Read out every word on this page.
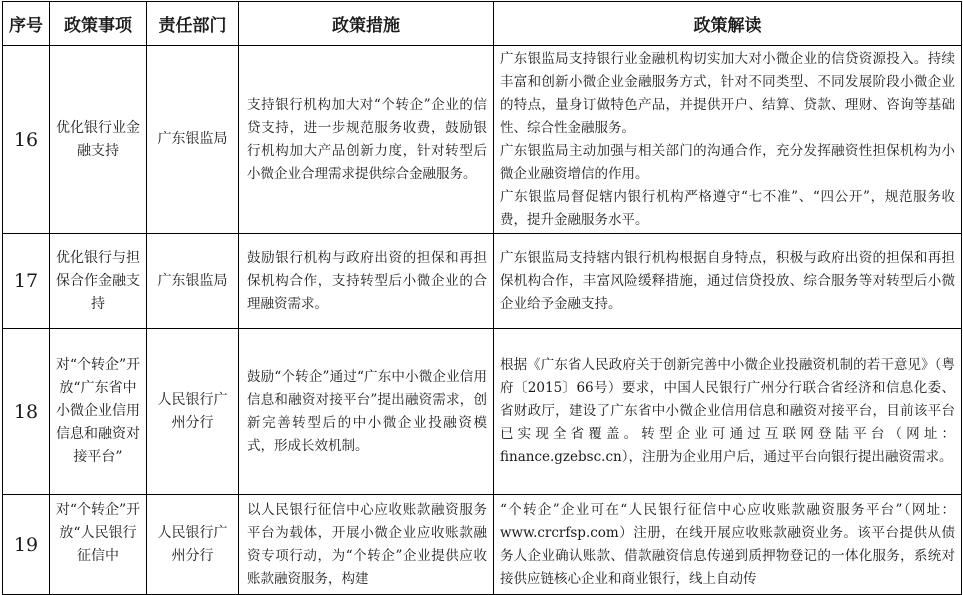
序号	政策事项	责任部门	政策措施	政策解读
16	优化银行业金融支持	广东银监局	支持银行机构加大对“个转企”企业的信贷支持，进一步规范服务收费，鼓励银行机构加大产品创新力度，针对转型后小微企业合理需求提供综合金融服务。	广东银监局支持银行业金融机构切实加大对小微企业的信贷资源投入。持续丰富和创新小微企业金融服务方式，针对不同类型、不同发展阶段小微企业的特点，量身订做特色产品，并提供开户、结算、贷款、理财、咨询等基础性、综合性金融服务。

广东银监局主动加强与相关部门的沟通合作，充分发挥融资性担保机构为小微企业融资增信的作用。

广东银监局督促辖内银行机构严格遵守“七不准”、“四公开”，规范服务收费，提升金融服务水平。

17	优化银行与担保合作金融支持	广东银监局	鼓励银行机构与政府出资的担保和再担保机构合作，支持转型后小微企业的合理融资需求。	广东银监局支持辖内银行机构根据自身特点，积极与政府出资的担保和再担保机构合作，丰富风险缓释措施，通过信贷投放、综合服务等对转型后小微企业给予金融支持。

18	对“个转企”开放“广东省中小微企业信用信息和融资对接平台”	人民银行广州分行	鼓励“个转企”通过“广东中小微企业信用信息和融资对接平台”提出融资需求，创新完善转型后的中小微企业投融资模式，形成长效机制。	根据《广东省人民政府关于创新完善中小微企业投融资机制的若干意见》（粤府〔2015〕66号）要求，中国人民银行广州分行联合省经济和信息化委、省财政厅，建设了广东省中小微企业信用信息和融资对接平台，目前该平台已实现全省覆盖。转型企业可通过互联网登陆平台（网址：finance.gzebsc.cn），注册为企业用户后，通过平台向银行提出融资需求。

19	对“个转企”开放“人民银行征信中	人民银行广州分行	以人民银行征信中心应收账款融资服务平台为载体，开展小微企业应收账款融资专项行动，为“个转企”企业提供应收账款融资服务，构建	“个转企”企业可在“人民银行征信中心应收账款融资服务平台”（网址：www.crcrfsp.com）注册，在线开展应收账款融资业务。该平台提供从债务人企业确认账款、借款融资信息传递到质押物登记的一体化服务，系统对接供应链核心企业和商业银行，线上自动传
